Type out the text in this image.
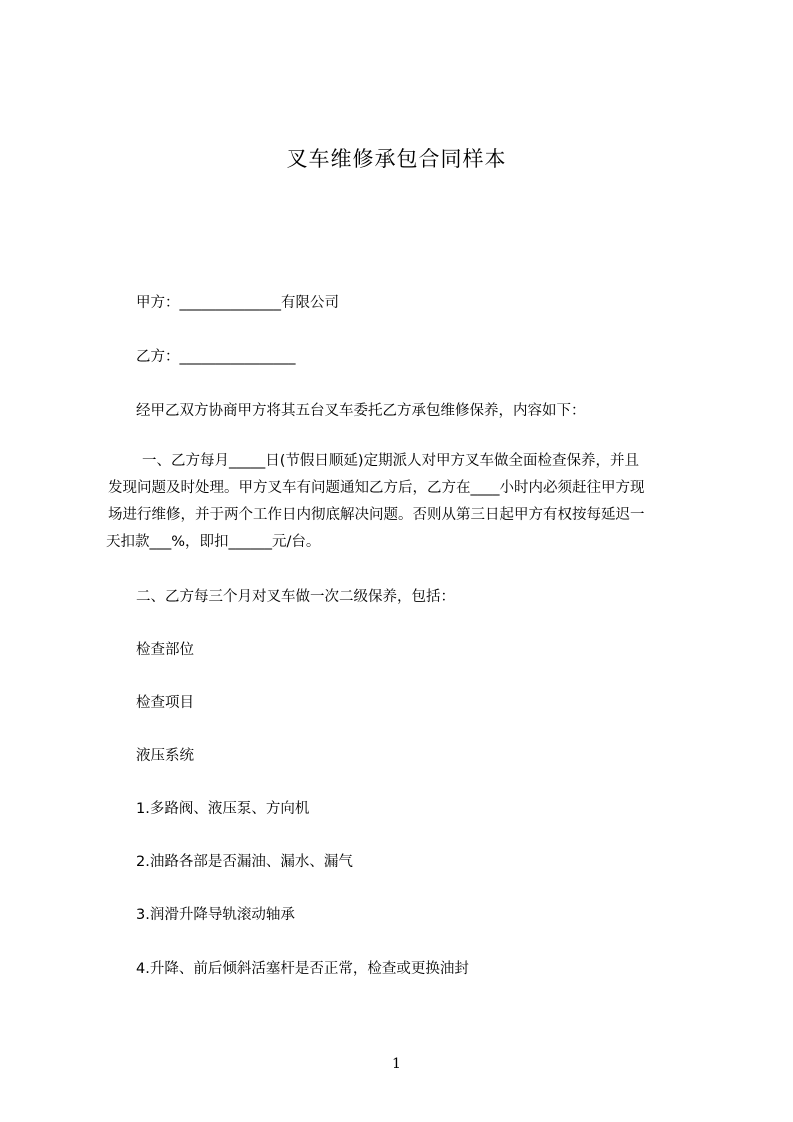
叉车维修承包合同样本
甲方：______________有限公司
乙方：________________
经甲乙双方协商甲方将其五台叉车委托乙方承包维修保养，内容如下：
一、乙方每月_____日(节假日顺延)定期派人对甲方叉车做全面检查保养，并且
发现问题及时处理。甲方叉车有问题通知乙方后，乙方在____小时内必须赶往甲方现
场进行维修，并于两个工作日内彻底解决问题。否则从第三日起甲方有权按每延迟一
天扣款___%，即扣______元/台。
二、乙方每三个月对叉车做一次二级保养，包括：
检查部位
检查项目
液压系统
1.多路阀、液压泵、方向机
2.油路各部是否漏油、漏水、漏气
3.润滑升降导轨滚动轴承
4.升降、前后倾斜活塞杆是否正常，检查或更换油封
1
